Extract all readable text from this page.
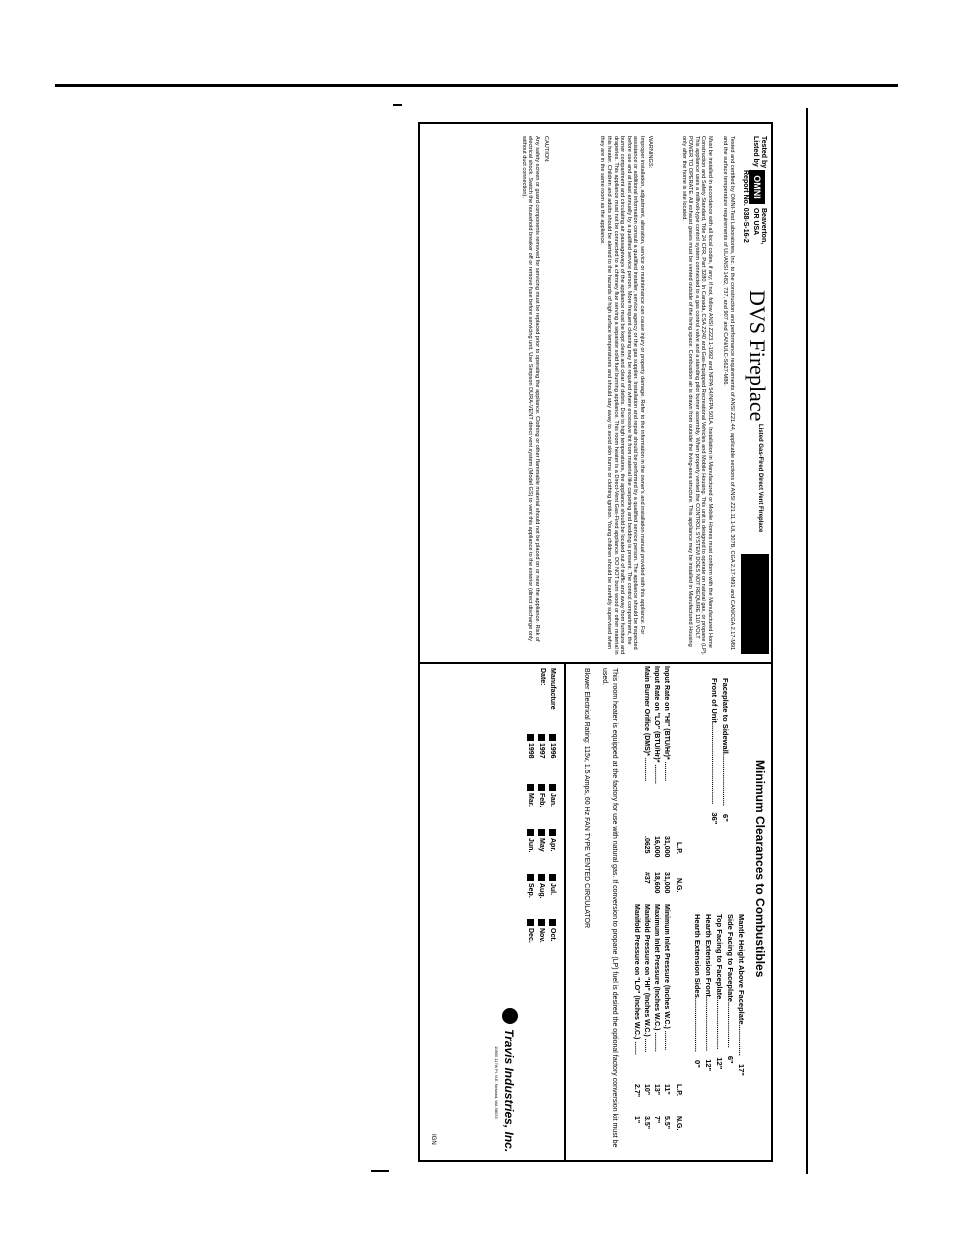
Tested by
Listed by
OMNI
Beaverton,
OR USA
Report No. 038-S-16-2
DVS Fireplace
Listed Gas-Fired Direct Vent Fireplace
Tested and certified by OMNI-Test Laboratories, Inc. to the construction and performance requirements of ANSI Z21.44, applicable sections of ANSI Z21.11.1-UL 307B, CGA 2.17-M91 and CAN/CGA 2.17-M91 and the surface temperature requirements of UL/ANSI 1482, 737, and 907 and CAN/ULC-S627-M86.
Must be installed in accordance with all local codes, if any; if not, follow ANSI Z223.1-1992 and NFPA 54/NFPA 501A. Installation in Manufactured or Mobile Homes must conform with the Manufactured Home Construction and Safety Standard, Title 24 CFR, Part 3280. In Canada, CSA Z240 and Gas-Equipped Recreational Vehicles and Mobile Housing. This unit is designed to operate on natural gas, or propane (LP). This appliance uses a millivolt-type control system connected to a gas control valve and a standing pilot burner assembly. When properly vented the CONTROL SYSTEM DOES NOT REQUIRE 110 VOLT POWER TO OPERATE. All exhaust gases must be vented outside of the living space. Combustion air is drawn from outside the living-area structure. This appliance may be installed in Manufactured Housing only after the home is site located.
WARNINGS:
Improper installation, adjustment, alteration, service or maintenance can cause injury or property damage. Refer to the information in the owner's and installation manual provided with this appliance. For assistance or additional information consult a qualified installer, service agency or the gas supplier. Installation and repair should be performed by a qualified service person. The appliance should be inspected before use and at least annually by a qualified service person. More frequent cleaning may be required where excessive lint from material like carpeting and bedding is present. The control compartment, the burner compartment and circulating air passageways of the appliance must be kept clean and clear of debris. Due to high temperatures, the appliance should be located out of traffic and away from furniture and draperies. This appliance must not be connected to a chimney flue serving a separate solid fuel burning appliance. This room heater is a Direct-Vent Gas-Fired appliance. DO NOT burn wood or other material in this heater. Children and adults should be alerted to the hazards of high surface temperatures and should stay away to avoid skin burns or clothing ignition. Young children should be carefully supervised when they are in the same room as the appliance.
CAUTION:
Any safety screen or guard components removed for servicing must be replaced prior to operating the appliance. Clothing or other flammable material should not be placed on or near the appliance. Risk of electrical shock. Switch the household breaker off or remove fuse before servicing unit. Use Simpson DURA-VENT direct vent system (Model GS) to vent this appliance to the exterior (direct discharge only without duct connection).
Minimum Clearances to Combustibles
Faceplate to Sidewall......................... 6"
Front of Unit....................................... 36"
Mantle Height Above Faceplate............... 17"
Side Facing to Faceplate...................... 6"
Top Facing to Faceplate........................ 12"
Hearth Extension Front.......................... 12"
Hearth Extension Sides.......................... 0"
L.P.
N.G.
Input Rate on "HI" (BTU/Hr)* ..........
31,000
31,000
Input Rate on "LO" (BTU/Hr)* ..........
16,000
18,600
Main Burner Orifice (DMS)* ............
.0625
#37
L.P.
N.G.
Minimum Inlet Pressure (Inches W.C.) ..........
11"
5.5"
Maximum Inlet Pressure (Inches W.C.) ..........
13"
7"
Manifold Pressure on "HI" (Inches W.C.) .......
10"
3.5"
Manifold Pressure on "LO" (Inches W.C.) .......
2.7"
1"
This room heater is equipped at the factory for use with natural gas. If conversion to propane (LP) fuel is desired the optional factory conversion kit must be used.
Blower Electrical Rating: 115v, 1.5 Amps, 60 Hz FAN TYPE VENTED CIRCULATOR
Manufacture
Date:
1996
1997
1998
Jan.
Feb.
Mar.
Apr.
May
Jun.
Jul.
Aug.
Sep.
Oct.
Nov.
Dec.
Travis Industries, Inc.
10850 117th Pl. N.E. Kirkland, WA 98033
IGN
